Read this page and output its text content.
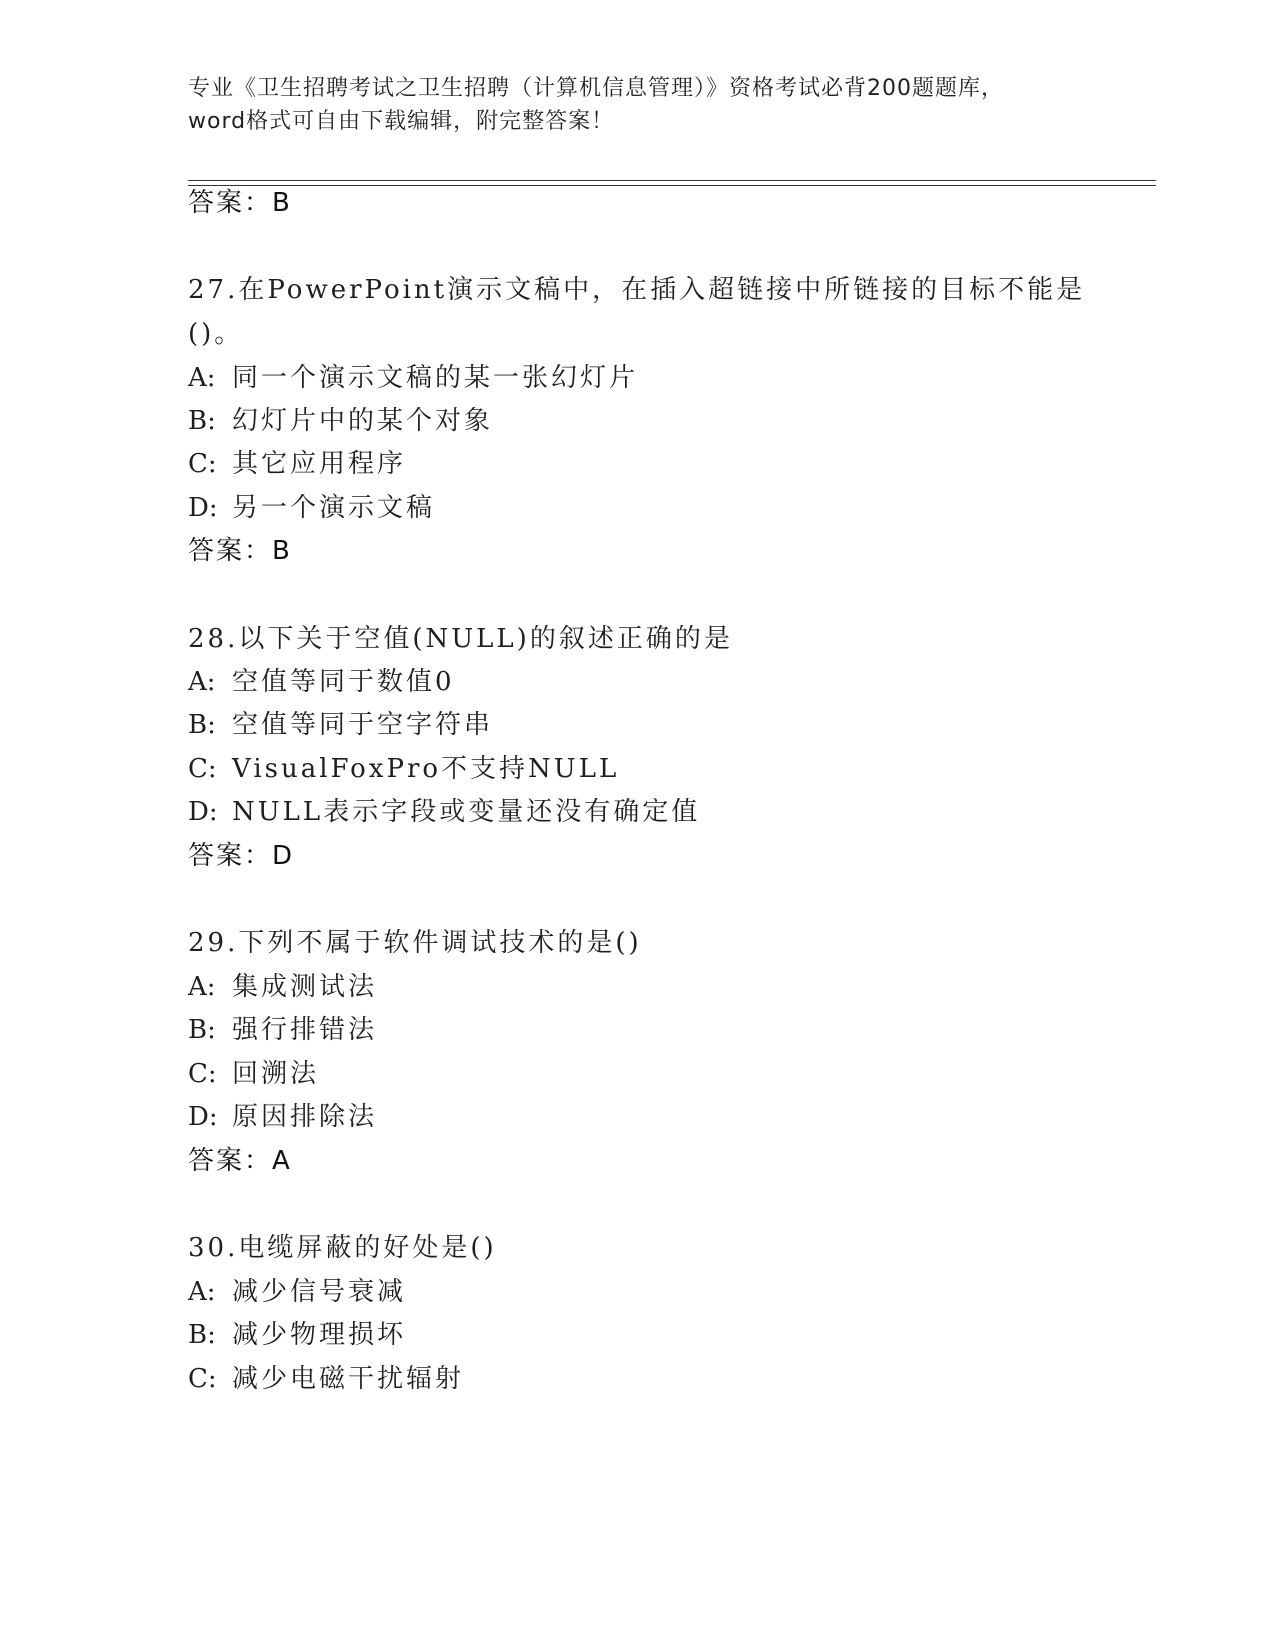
专业《卫生招聘考试之卫生招聘（计算机信息管理）》资格考试必背200题题库，
word格式可自由下载编辑，附完整答案！
答案：B
27.在PowerPoint演示文稿中，在插入超链接中所链接的目标不能是
()。
A: 同一个演示文稿的某一张幻灯片
B: 幻灯片中的某个对象
C: 其它应用程序
D: 另一个演示文稿
答案：B
28.以下关于空值(NULL)的叙述正确的是
A: 空值等同于数值0
B: 空值等同于空字符串
C: VisualFoxPro不支持NULL
D: NULL表示字段或变量还没有确定值
答案：D
29.下列不属于软件调试技术的是()
A: 集成测试法
B: 强行排错法
C: 回溯法
D: 原因排除法
答案：A
30.电缆屏蔽的好处是()
A: 减少信号衰减
B: 减少物理损坏
C: 减少电磁干扰辐射
